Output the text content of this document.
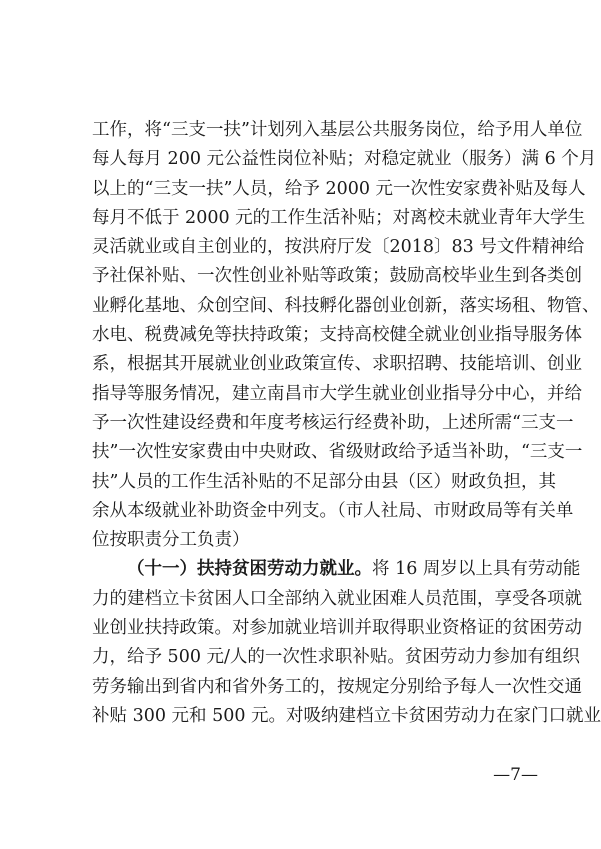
工作，将“三支一扶”计划列入基层公共服务岗位，给予用人单位
每人每月 200 元公益性岗位补贴；对稳定就业（服务）满 6 个月
以上的“三支一扶”人员，给予 2000 元一次性安家费补贴及每人
每月不低于 2000 元的工作生活补贴；对离校未就业青年大学生
灵活就业或自主创业的，按洪府厅发〔2018〕83 号文件精神给
予社保补贴、一次性创业补贴等政策；鼓励高校毕业生到各类创
业孵化基地、众创空间、科技孵化器创业创新，落实场租、物管、
水电、税费减免等扶持政策；支持高校健全就业创业指导服务体
系，根据其开展就业创业政策宣传、求职招聘、技能培训、创业
指导等服务情况，建立南昌市大学生就业创业指导分中心，并给
予一次性建设经费和年度考核运行经费补助，上述所需“三支一
扶”一次性安家费由中央财政、省级财政给予适当补助，“三支一
扶”人员的工作生活补贴的不足部分由县（区）财政负担，其
余从本级就业补助资金中列支。（市人社局、市财政局等有关单
位按职责分工负责）
（十一）扶持贫困劳动力就业。将 16 周岁以上具有劳动能
力的建档立卡贫困人口全部纳入就业困难人员范围，享受各项就
业创业扶持政策。对参加就业培训并取得职业资格证的贫困劳动
力，给予 500 元/人的一次性求职补贴。贫困劳动力参加有组织
劳务输出到省内和省外务工的，按规定分别给予每人一次性交通
补贴 300 元和 500 元。对吸纳建档立卡贫困劳动力在家门口就业
—7—
